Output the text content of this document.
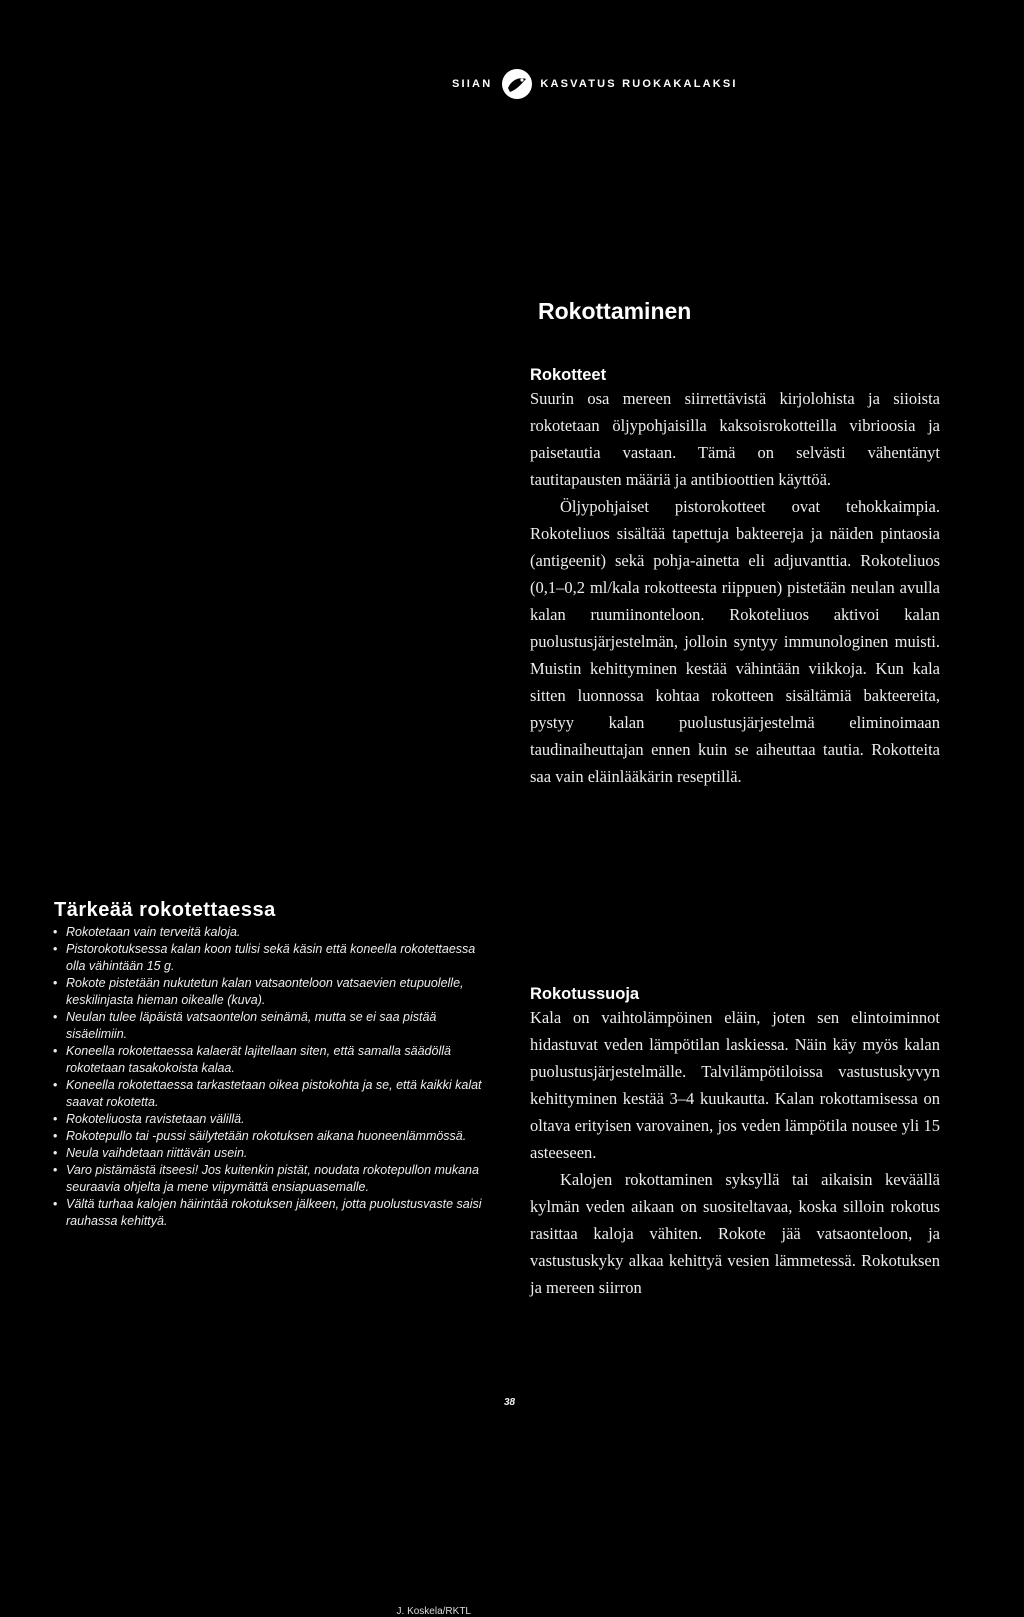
SIIAN	KASVATUS RUOKAKALAKSI
Rokottaminen
Rokotteet

Suurin osa mereen siirrettävistä kirjolohista ja siioista rokotetaan öljypohjaisilla kaksoisrokotteilla vibrioosia ja paisetautia vastaan. Tämä on selvästi vähentänyt tautitapausten määriä ja antibioottien käyttöä.

Öljypohjaiset pistorokotteet ovat tehokkaimpia. Rokoteliuos sisältää tapettuja bakteereja ja näiden pintaosia (antigeenit) sekä pohja-ainetta eli adjuvanttia. Rokoteliuos (0,1–0,2 ml/kala rokotteesta riippuen) pistetään neulan avulla kalan ruumiinonteloon. Rokoteliuos aktivoi kalan puolustusjärjestelmän, jolloin syntyy immunologinen muisti. Muistin kehittyminen kestää vähintään viikkoja. Kun kala sitten luonnossa kohtaa rokotteen sisältämiä bakteereita, pystyy kalan puolustusjärjestelmä eliminoimaan taudinaiheuttajan ennen kuin se aiheuttaa tautia. Rokotteita saa vain eläinlääkärin reseptillä.

Rokotussuoja

Kala on vaihtolämpöinen eläin, joten sen elintoiminnot hidastuvat veden lämpötilan laskiessa. Näin käy myös kalan puolustusjärjestelmälle. Talvilämpötiloissa vastustuskyvyn kehittyminen kestää 3–4 kuukautta. Kalan rokottamisessa on oltava erityisen varovainen, jos veden lämpötila nousee yli 15 asteeseen.

Kalojen rokottaminen syksyllä tai aikaisin keväällä kylmän veden aikaan on suositeltavaa, koska silloin rokotus rasittaa kaloja vähiten. Rokote jää vatsaonteloon, ja vastustuskyky alkaa kehittyä vesien lämmetessä. Rokotuksen ja mereen siirron

Tärkeää rokotettaessa
• Rokotetaan vain terveitä kaloja.
• Pistorokotuksessa kalan koon tulisi sekä käsin että koneella rokotettaessa olla vähintään 15 g.
• Rokote pistetään nukutetun kalan vatsaonteloon vatsaevien etupuolelle, keskilinjasta hieman oikealle (kuva).
• Neulan tulee läpäistä vatsaontelon seinämä, mutta se ei saa pistää sisäelimiin.
• Koneella rokotettaessa kalaerät lajitellaan siten, että samalla säädöllä rokotetaan tasakokoista kalaa.
• Koneella rokotettaessa tarkastetaan oikea pistokohta ja se, että kaikki kalat saavat rokotetta.
• Rokoteliuosta ravistetaan välillä.
• Rokotepullo tai -pussi säilytetään rokotuksen aikana huoneenlämmössä.
• Neula vaihdetaan riittävän usein.
• Varo pistämästä itseesi! Jos kuitenkin pistät, noudata rokotepullon mukana seuraavia ohjelta ja mene viipymättä ensiapuasemalle.
• Vältä turhaa kalojen häirintää rokotuksen jälkeen, jotta puolustusvaste saisi rauhassa kehittyä.
J. Koskela/RKTL
38
